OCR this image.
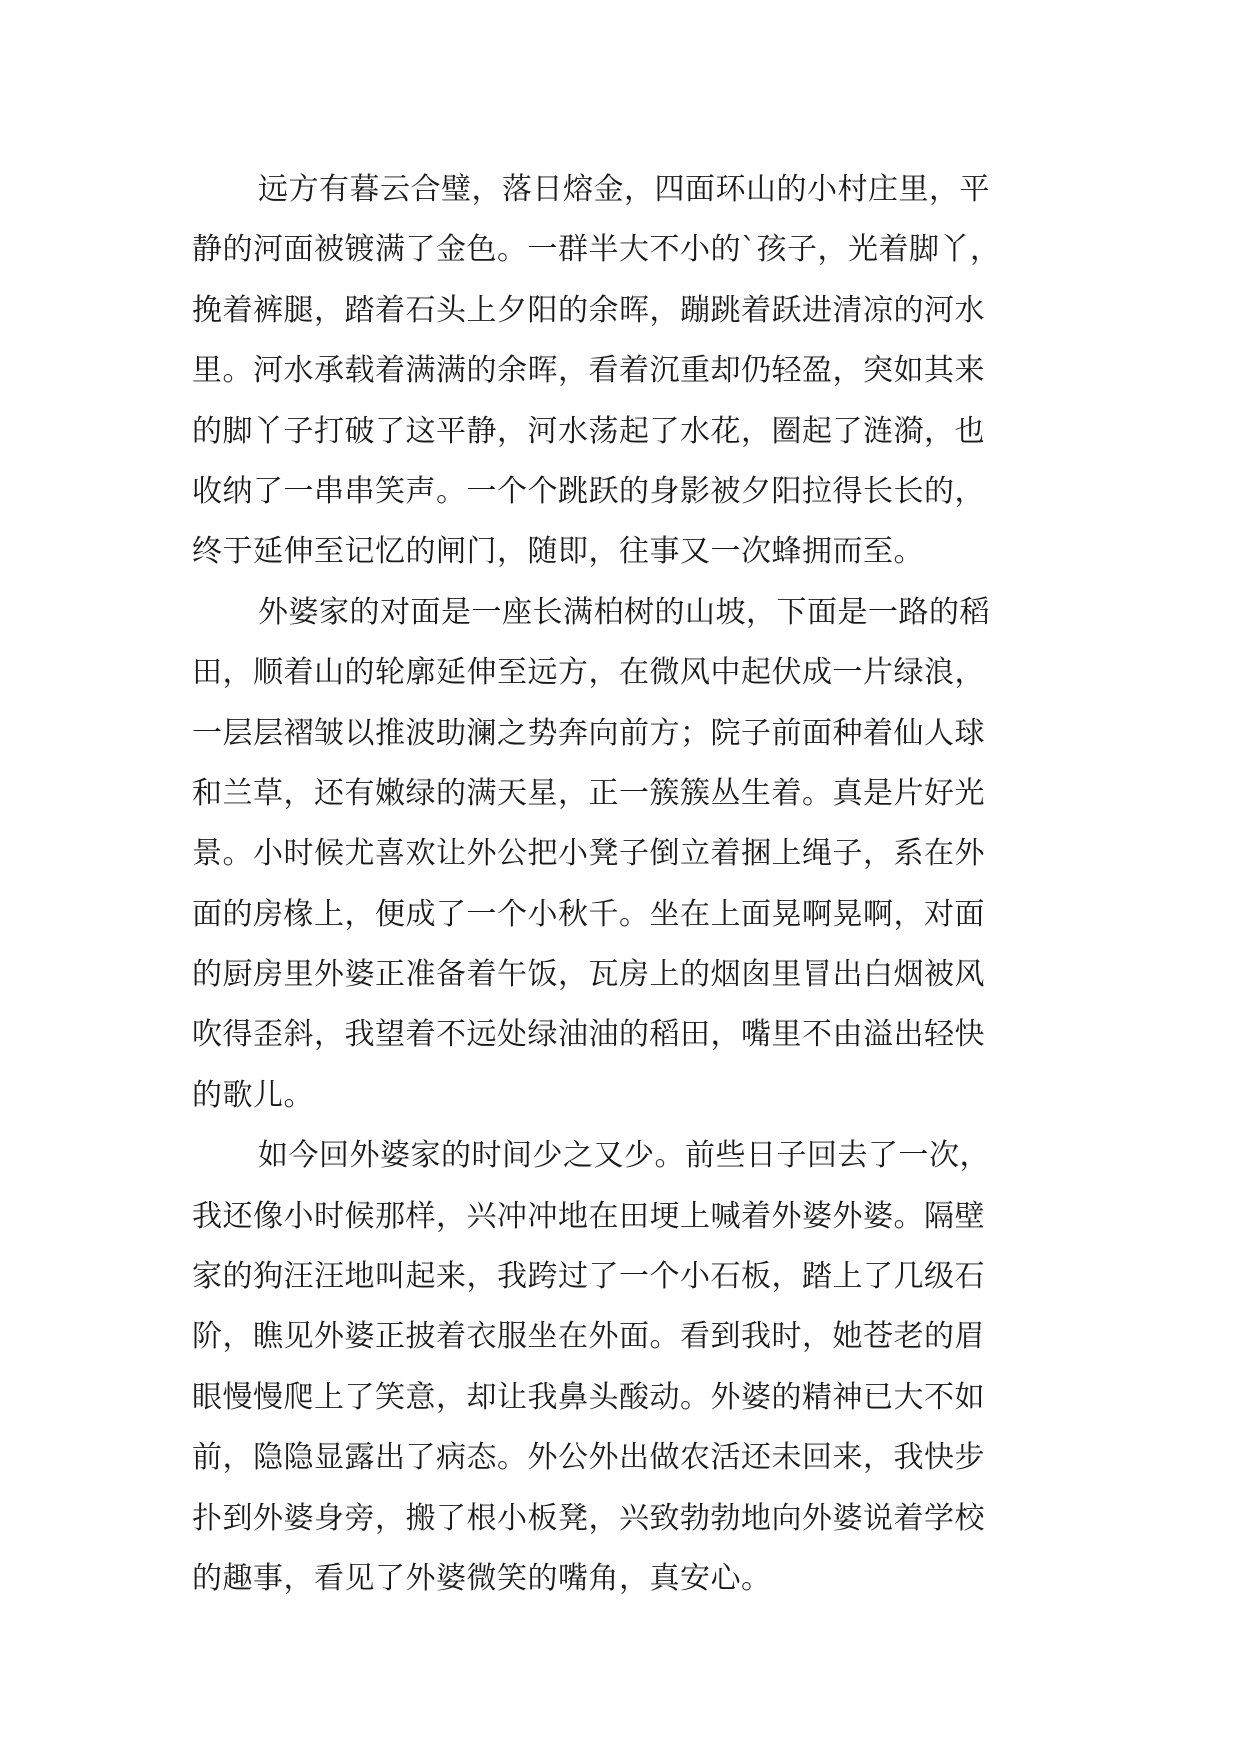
远方有暮云合璧，落日熔金，四面环山的小村庄里，平
静的河面被镀满了金色。一群半大不小的`孩子，光着脚丫，
挽着裤腿，踏着石头上夕阳的余晖，蹦跳着跃进清凉的河水
里。河水承载着满满的余晖，看着沉重却仍轻盈，突如其来
的脚丫子打破了这平静，河水荡起了水花，圈起了涟漪，也
收纳了一串串笑声。一个个跳跃的身影被夕阳拉得长长的，
终于延伸至记忆的闸门，随即，往事又一次蜂拥而至。
外婆家的对面是一座长满柏树的山坡，下面是一路的稻
田，顺着山的轮廓延伸至远方，在微风中起伏成一片绿浪，
一层层褶皱以推波助澜之势奔向前方；院子前面种着仙人球
和兰草，还有嫩绿的满天星，正一簇簇丛生着。真是片好光
景。小时候尤喜欢让外公把小凳子倒立着捆上绳子，系在外
面的房椽上，便成了一个小秋千。坐在上面晃啊晃啊，对面
的厨房里外婆正准备着午饭，瓦房上的烟囱里冒出白烟被风
吹得歪斜，我望着不远处绿油油的稻田，嘴里不由溢出轻快
的歌儿。
如今回外婆家的时间少之又少。前些日子回去了一次，
我还像小时候那样，兴冲冲地在田埂上喊着外婆外婆。隔壁
家的狗汪汪地叫起来，我跨过了一个小石板，踏上了几级石
阶，瞧见外婆正披着衣服坐在外面。看到我时，她苍老的眉
眼慢慢爬上了笑意，却让我鼻头酸动。外婆的精神已大不如
前，隐隐显露出了病态。外公外出做农活还未回来，我快步
扑到外婆身旁，搬了根小板凳，兴致勃勃地向外婆说着学校
的趣事，看见了外婆微笑的嘴角，真安心。
